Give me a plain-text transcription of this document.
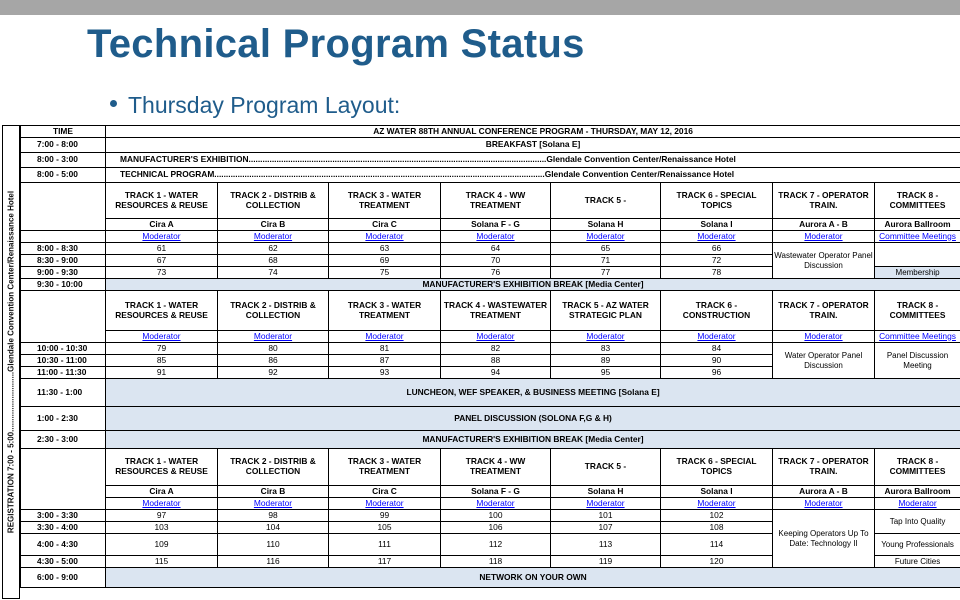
Technical Program Status
Thursday Program Layout:
REGISTRATION 7:00 - 5:00...........................Glendale Convention Center/Renaissance Hotel
TIME	AZ WATER 88TH ANNUAL CONFERENCE PROGRAM - THURSDAY, MAY 12, 2016							
7:00 - 8:00	BREAKFAST [Solana E]							
8:00 - 3:00	MANUFACTURER'S EXHIBITION................................................................................................................................Glendale Convention Center/Renaissance Hotel							
8:00 - 5:00	TECHNICAL PROGRAM..............................................................................................................................................Glendale Convention Center/Renaissance Hotel							
	TRACK 1 - WATER RESOURCES & REUSE	TRACK 2 - DISTRIB & COLLECTION	TRACK 3 - WATER TREATMENT	TRACK 4 - WW TREATMENT	TRACK 5 -	TRACK 6 - SPECIAL TOPICS	TRACK 7 - OPERATOR TRAIN.	TRACK 8 - COMMITTEES
	Cira A	Cira B	Cira C	Solana F - G	Solana H	Solana I	Aurora A - B	Aurora Ballroom
	Moderator	Moderator	Moderator	Moderator	Moderator	Moderator	Moderator	Committee Meetings
8:00 - 8:30	61	62	63	64	65	66	Wastewater Operator Panel Discussion	
8:30 - 9:00	67	68	69	70	71	72		
9:00 - 9:30	73	74	75	76	77	78		Membership
9:30 - 10:00	MANUFACTURER'S EXHIBITION BREAK [Media Center]							
	TRACK 1 - WATER RESOURCES & REUSE	TRACK 2 - DISTRIB & COLLECTION	TRACK 3 - WATER TREATMENT	TRACK 4 - WASTEWATER TREATMENT	TRACK 5 - AZ WATER STRATEGIC PLAN	TRACK 6 - CONSTRUCTION	TRACK 7 - OPERATOR TRAIN.	TRACK 8 - COMMITTEES
	Moderator	Moderator	Moderator	Moderator	Moderator	Moderator	Moderator	Committee Meetings
10:00 - 10:30	79	80	81	82	83	84	Water Operator Panel Discussion	Panel Discussion Meeting
10:30 - 11:00	85	86	87	88	89	90		
11:00 - 11:30	91	92	93	94	95	96		
11:30 - 1:00	LUNCHEON, WEF SPEAKER, & BUSINESS MEETING [Solana E]							
1:00 - 2:30	PANEL DISCUSSION (SOLONA F,G & H)							
2:30 - 3:00	MANUFACTURER'S EXHIBITION BREAK [Media Center]							
	TRACK 1 - WATER RESOURCES & REUSE	TRACK 2 - DISTRIB & COLLECTION	TRACK 3 - WATER TREATMENT	TRACK 4 - WW TREATMENT	TRACK 5 -	TRACK 6 - SPECIAL TOPICS	TRACK 7 - OPERATOR TRAIN.	TRACK 8 - COMMITTEES
	Cira A	Cira B	Cira C	Solana F - G	Solana H	Solana I	Aurora A - B	Aurora Ballroom
	Moderator	Moderator	Moderator	Moderator	Moderator	Moderator	Moderator	Moderator
3:00 - 3:30	97	98	99	100	101	102	Keeping Operators Up To Date: Technology II	Tap Into Quality
3:30 - 4:00	103	104	105	106	107	108		
4:00 - 4:30	109	110	111	112	113	114		Young Professionals
4:30 - 5:00	115	116	117	118	119	120		Future Cities
6:00 - 9:00	NETWORK ON YOUR OWN							
